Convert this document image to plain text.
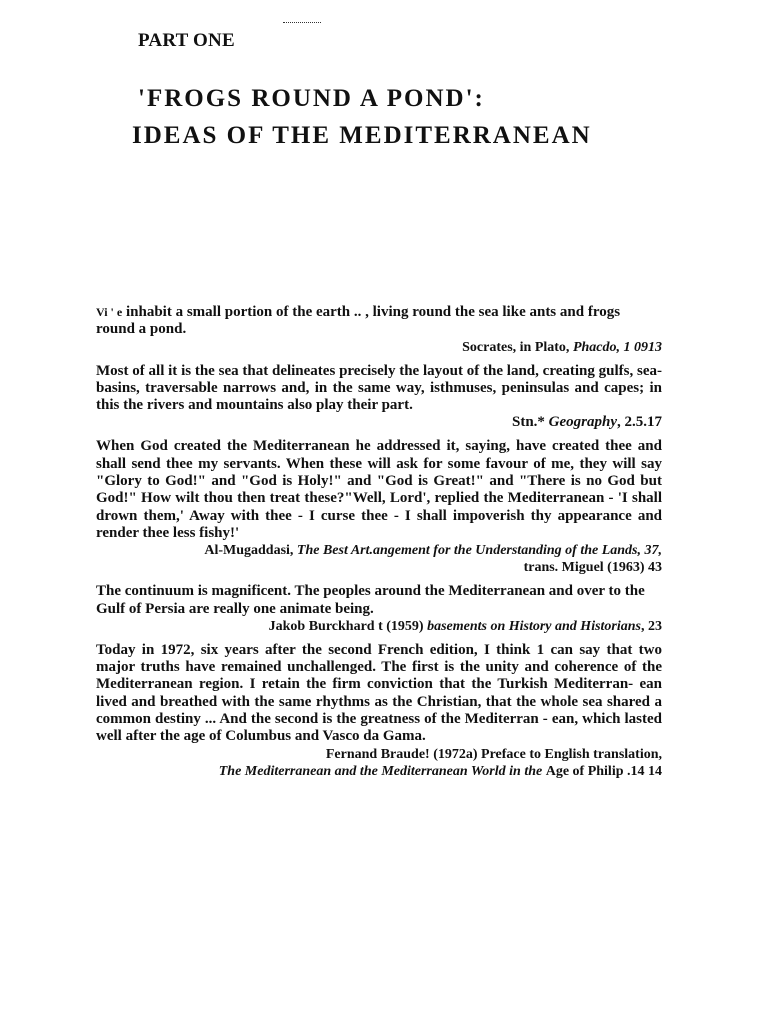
PART ONE
'FROGS ROUND A POND':
IDEAS OF THE MEDITERRANEAN

Vi ' e inhabit a small portion of the earth .. , living round the sea like ants and frogs round a pond.

Socrates, in Plato, Phacdo, 1 0913

Most of all it is the sea that delineates precisely the layout of the land, creating gulfs, sea-basins, traversable narrows and, in the same way, isthmuses, peninsulas and capes; in this the rivers and mountains also play their part.

Stn.* Geography, 2.5.17

When God created the Mediterranean he addressed it, saying, have created thee and shall send thee my servants. When these will ask for some favour of me, they will say "Glory to God!" and "God is Holy!" and "God is Great!" and "There is no God but God!" How wilt thou then treat these?"Well, Lord', replied the Mediterranean - 'I shall drown them,' Away with thee - I curse thee - I shall impoverish thy appearance and render thee less fishy!'

Al-Mugaddasi, The Best Art.angement for the Understanding of the Lands, 37,

trans. Miguel (1963) 43

The continuum is magnificent. The peoples around the Mediterranean and over to the Gulf of Persia are really one animate being.

Jakob Burckhard t (1959) basements on History and Historians, 23

Today in 1972, six years after the second French edition, I think 1 can say that two major truths have remained unchallenged. The first is the unity and coherence of the Mediterranean region. I retain the firm conviction that the Turkish Mediterran- ean lived and breathed with the same rhythms as the Christian, that the whole sea shared a common destiny ... And the second is the greatness of the Mediterran - ean, which lasted well after the age of Columbus and Vasco da Gama.

Fernand Braude! (1972a) Preface to English translation,

The Mediterranean and the Mediterranean World in the Age of Philip .14 14
